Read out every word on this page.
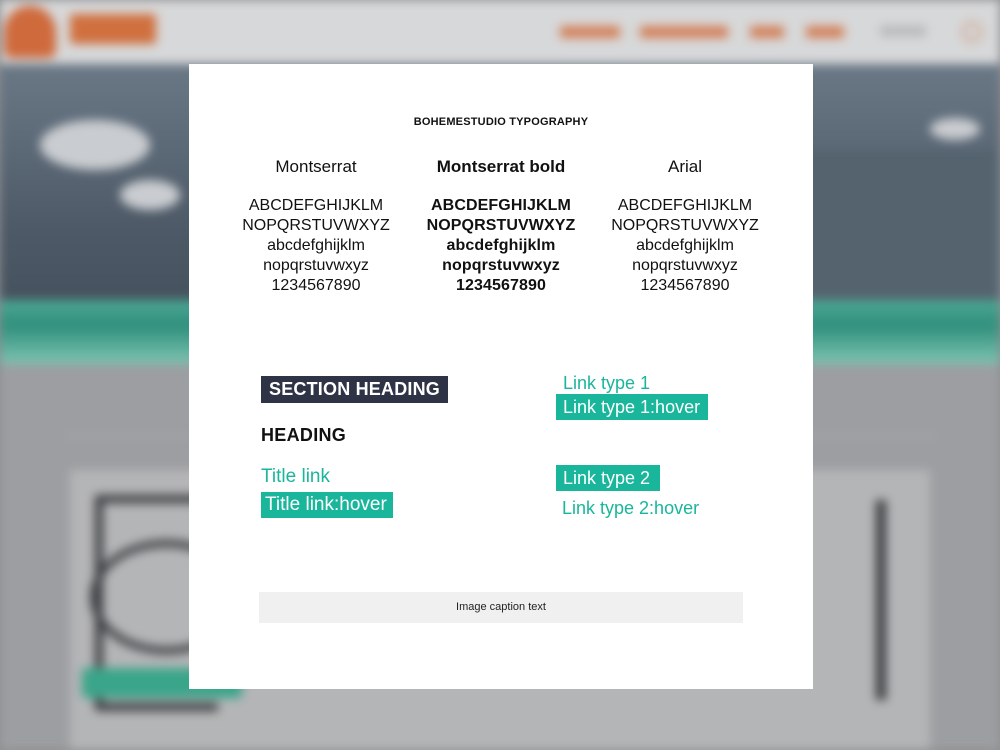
BOHEMESTUDIO TYPOGRAPHY
Montserrat
ABCDEFGHIJKLM
NOPQRSTUVWXYZ
abcdefghijklm
nopqrstuvwxyz
1234567890
Montserrat bold
ABCDEFGHIJKLM
NOPQRSTUVWXYZ
abcdefghijklm
nopqrstuvwxyz
1234567890
Arial
ABCDEFGHIJKLM
NOPQRSTUVWXYZ
abcdefghijklm
nopqrstuvwxyz
1234567890
SECTION HEADING
HEADING
Title link
Title link:hover
Link type 1
Link type 1:hover
Link type 2
Link type 2:hover
Image caption text
